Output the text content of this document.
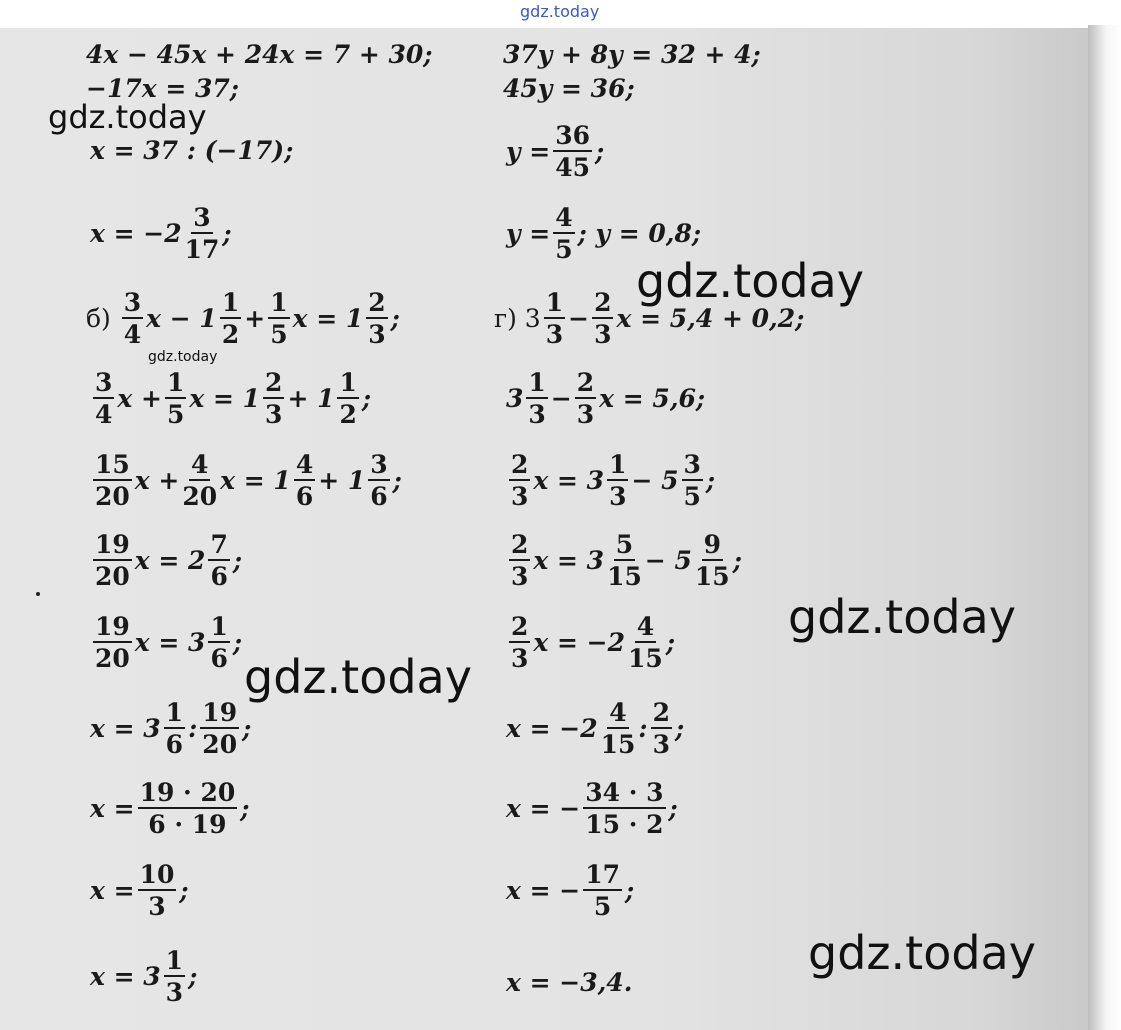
gdz.today
4x − 45x + 24x = 7 + 30;
−17x = 37;
x = 37 : (−17);
$x = -2 \frac{3}{17}$ ;
$б) \frac{3}{4}$ $x - 1 \frac{1}{2} + \frac{1}{5}$ $x = 1 \frac{2}{3}$ ;
$\frac{3}{4}$ $x + \frac{1}{5}$ $x = 1 \frac{2}{3} + 1 \frac{1}{2}$ ;
$\frac{15}{20}$ $x + \frac{4}{20}$ $x = 1 \frac{4}{6} + 1 \frac{3}{6}$ ;
$\frac{19}{20}$ $x = 2 \frac{7}{6}$ ;
$\frac{19}{20}$ $x = 3 \frac{1}{6}$ ;
$x = 3 \frac{1}{6}$ : $\frac{19}{20}$ ;
$x = \frac{19 \cdot 20}{6 \cdot 19}$ ;
$x = \frac{10}{3}$ ;
$x = 3 \frac{1}{3}$ ;
37y + 8y = 32 + 4;
45y = 36;
$y = \frac{36}{45}$ ;
$y = \frac{4}{5}$ ; y = 0,8;
г) $3 \frac{1}{3} - \frac{2}{3}$ x = 5,4 + 0,2;
$3 \frac{1}{3} - \frac{2}{3}$ x = 5,6;
$\frac{2}{3}$ $x = 3 \frac{1}{3} - 5 \frac{3}{5}$ ;
$\frac{2}{3}$ $x = 3 \frac{5}{15} - 5 \frac{9}{15}$ ;
$\frac{2}{3}$ $x = -2 \frac{4}{15}$ ;
$x = -2 \frac{4}{15}$ : $\frac{2}{3}$ ;
x = − $\frac{34 \cdot 3}{15 \cdot 2}$ ;
x = − $\frac{17}{5}$ ;
x = −3,4.
gdz.today
gdz.today
gdz.today
gdz.today
gdz.today
gdz.today
